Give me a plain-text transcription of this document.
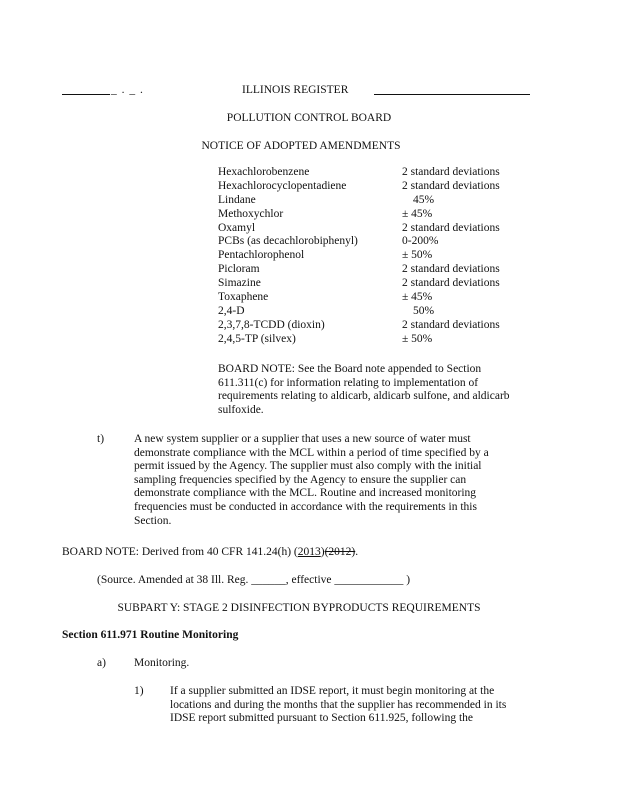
_ . _ .	ILLINOIS REGISTER
POLLUTION CONTROL BOARD
NOTICE OF ADOPTED AMENDMENTS
Hexachlorobenzene	2 standard deviations
Hexachlorocyclopentadiene	2 standard deviations
Lindane	45%
Methoxychlor	± 45%
Oxamyl	2 standard deviations
PCBs (as decachlorobiphenyl)	0-200%
Pentachlorophenol	± 50%
Picloram	2 standard deviations
Simazine	2 standard deviations
Toxaphene	± 45%
2,4-D	50%
2,3,7,8-TCDD (dioxin)	2 standard deviations
2,4,5-TP (silvex)	± 50%
BOARD NOTE: See the Board note appended to Section
611.311(c) for information relating to implementation of
requirements relating to aldicarb, aldicarb sulfone, and aldicarb
sulfoxide.
t)	A new system supplier or a supplier that uses a new source of water must
demonstrate compliance with the MCL within a period of time specified by a
permit issued by the Agency. The supplier must also comply with the initial
sampling frequencies specified by the Agency to ensure the supplier can
demonstrate compliance with the MCL. Routine and increased monitoring
frequencies must be conducted in accordance with the requirements in this
Section.
BOARD NOTE: Derived from 40 CFR 141.24(h) (2013)(2012).
(Source. Amended at 38 Ill. Reg. ______, effective ____________ )
SUBPART Y: STAGE 2 DISINFECTION BYPRODUCTS REQUIREMENTS
Section 611.971 Routine Monitoring
a) Monitoring.
1) If a supplier submitted an IDSE report, it must begin monitoring at the
locations and during the months that the supplier has recommended in its
IDSE report submitted pursuant to Section 611.925, following the
